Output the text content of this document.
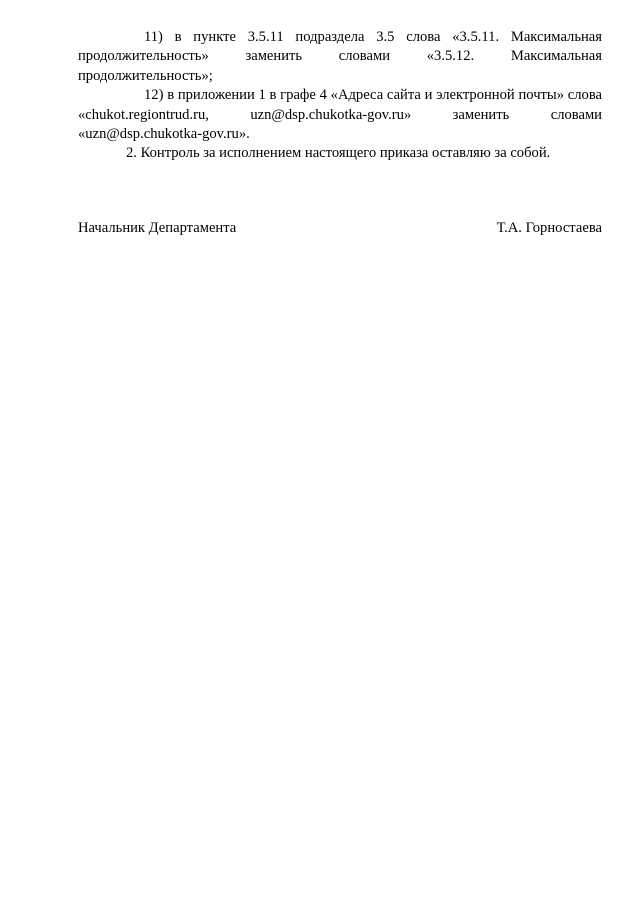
11) в пункте 3.5.11 подраздела 3.5 слова «3.5.11. Максимальная продолжительность» заменить словами «3.5.12. Максимальная продолжительность»;

12) в приложении 1 в графе 4 «Адреса сайта и электронной почты» слова «chukot.regiontrud.ru, uzn@dsp.chukotka-gov.ru» заменить словами «uzn@dsp.chukotka-gov.ru».

2. Контроль за исполнением настоящего приказа оставляю за собой.

Начальник Департамента	Т.А. Горностаева
